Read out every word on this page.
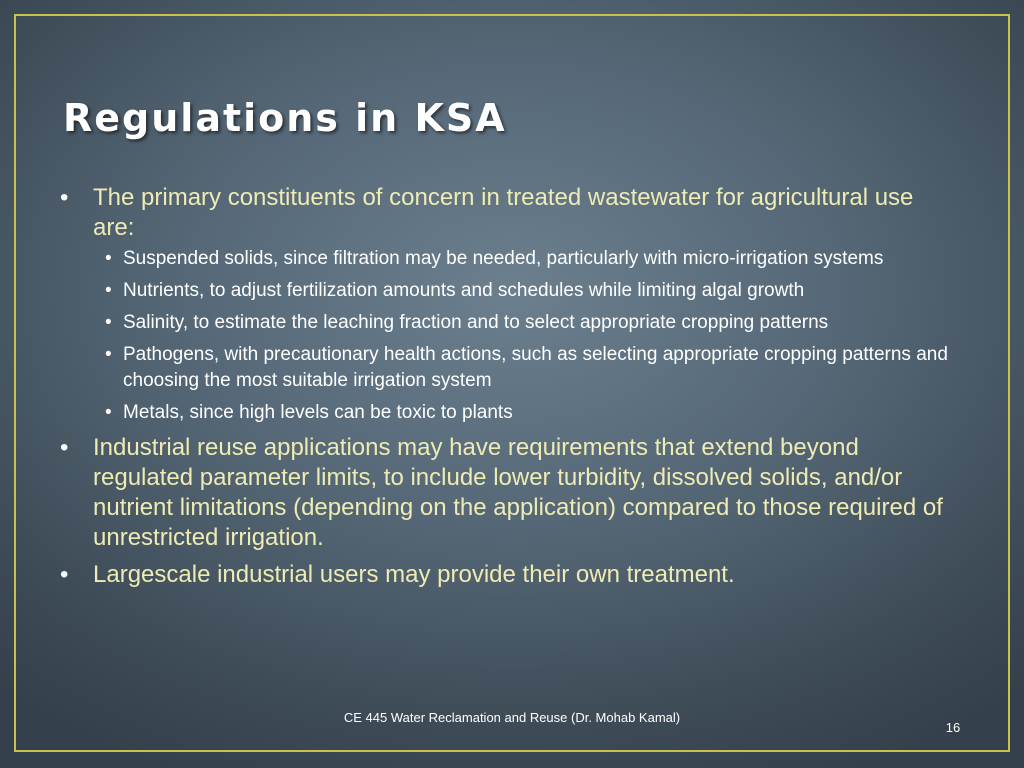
Regulations in KSA
• The primary constituents of concern in treated wastewater for agricultural use are:
• Suspended solids, since filtration may be needed, particularly with micro-irrigation systems
• Nutrients, to adjust fertilization amounts and schedules while limiting algal growth
• Salinity, to estimate the leaching fraction and to select appropriate cropping patterns
• Pathogens, with precautionary health actions, such as selecting appropriate cropping patterns and choosing the most suitable irrigation system
• Metals, since high levels can be toxic to plants
• Industrial reuse applications may have requirements that extend beyond regulated parameter limits, to include lower turbidity, dissolved solids, and/or nutrient limitations (depending on the application) compared to those required of unrestricted irrigation.
• Largescale industrial users may provide their own treatment.
CE 445 Water Reclamation and Reuse (Dr. Mohab Kamal)
16
